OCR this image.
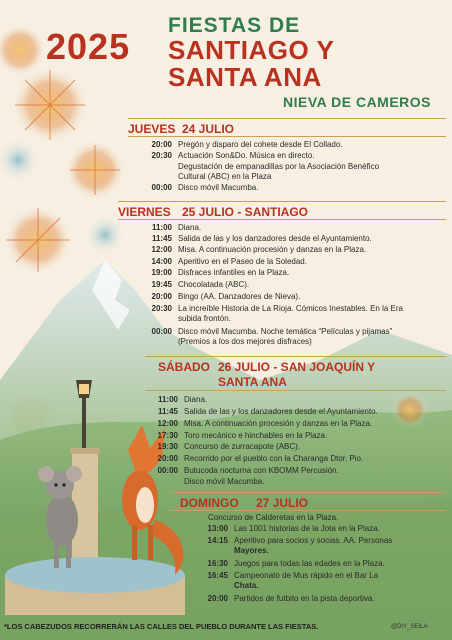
2025
FIESTAS DE
SANTIAGO Y
SANTA ANA
NIEVA DE CAMEROS
JUEVES 24 JULIO
20:00 Pregón y disparo del cohete desde El Collado.
20:30 Actuación Son&Do. Música en directo.
Degustación de empanadillas por la Asociación Benéfico
Cultural (ABC) en la Plaza
00:00 Disco móvil Macumba.
VIERNES 25 JULIO - SANTIAGO
11:00 Diana.
11:45 Salida de las y los danzadores desde el Ayuntamiento.
12:00 Misa. A continuación procesión y danzas en la Plaza.
14:00 Aperitivo en el Paseo de la Soledad.
19:00 Disfraces infantiles en la Plaza.
19:45 Chocolatada (ABC).
20:00 Bingo (AA. Danzadores de Nieva).
20:30 La increíble Historia de La Rioja. Cómicos Inestables. En la Era
subida frontón.
00:00 Disco móvil Macumba. Noche temática “Películas y pijamas”
(Premios a los dos mejores disfraces)
SÁBADO 26 JULIO - SAN JOAQUÍN Y
SANTA ANA
11:00 Diana.
11:45 Salida de las y los danzadores desde el Ayuntamiento.
12:00 Misa. A continuación procesión y danzas en la Plaza.
17:30 Toro mecánico e hinchables en la Plaza.
19:30 Concurso de zurracapote (ABC).
20:00 Recorrido por el pueblo con la Charanga Dtor. Pio.
00:00 Butucoda nocturna con KBOMM Percusión.
Disco móvil Macumba.
DOMINGO 27 JULIO
Concurso de Calderetas en la Plaza.
13:00 Las 1001 historias de la Jota en la Plaza.
14:15 Aperitivo para socios y socias. AA. Personas
Mayores.
16:30 Juegos para todas las edades en la Plaza.
16:45 Campeonato de Mus rápido en el Bar La
Chata.
20:00 Partidos de futbito en la pista deportiva.
*LOS CABEZUDOS RECORRERÁN LAS CALLES DEL PUEBLO DURANTE LAS FIESTAS.	@DIY_SEILA
